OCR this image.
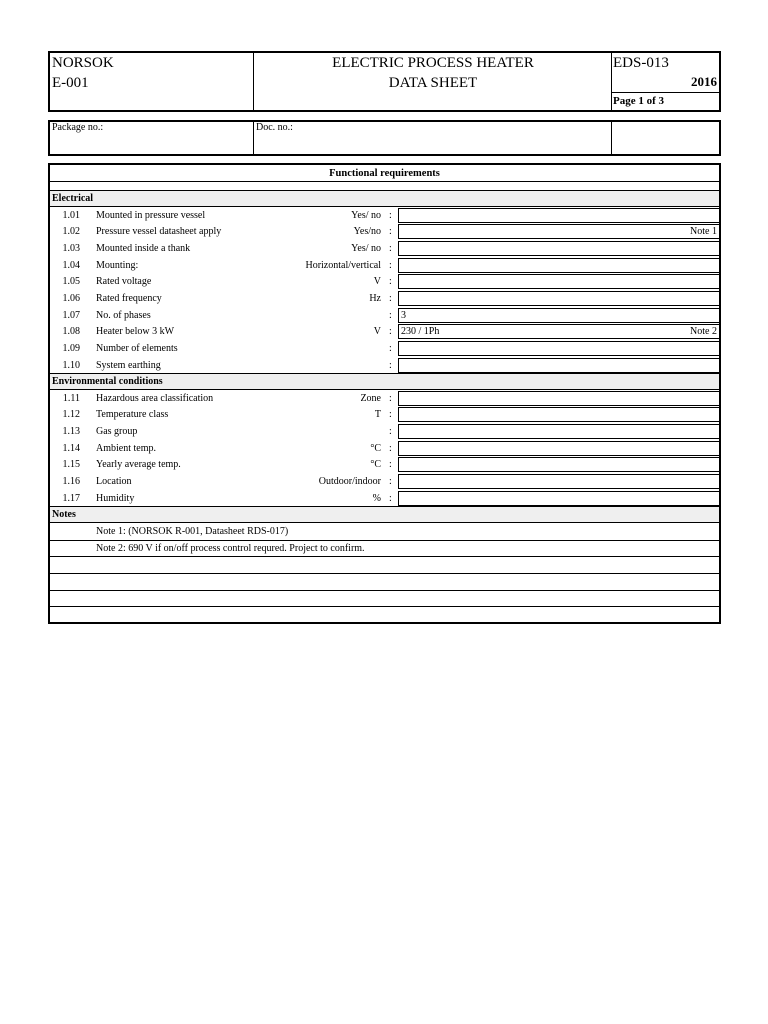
NORSOK
E-001
ELECTRIC PROCESS HEATER
DATA SHEET
EDS-013
2016
Page 1 of 3
Package no.:	Doc. no.:
Functional requirements
Electrical
1.01 Mounted in pressure vessel	Yes/ no :
1.02 Pressure vessel datasheet apply	Yes/no :	Note 1
1.03 Mounted inside a thank	Yes/ no :
1.04 Mounting:	Horizontal/vertical :
1.05 Rated voltage	V :
1.06 Rated frequency	Hz :
1.07 No. of phases	: 3
1.08 Heater below 3 kW	V : 230 / 1Ph	Note 2
1.09 Number of elements	:
1.10 System earthing	:
Environmental conditions
1.11 Hazardous area classification	Zone :
1.12 Temperature class	T :
1.13 Gas group	:
1.14 Ambient temp.	°C :
1.15 Yearly average temp.	°C :
1.16 Location	Outdoor/indoor :
1.17 Humidity	% :
Notes
Note 1: (NORSOK R-001, Datasheet RDS-017)
Note 2: 690 V if on/off process control requred. Project to confirm.
